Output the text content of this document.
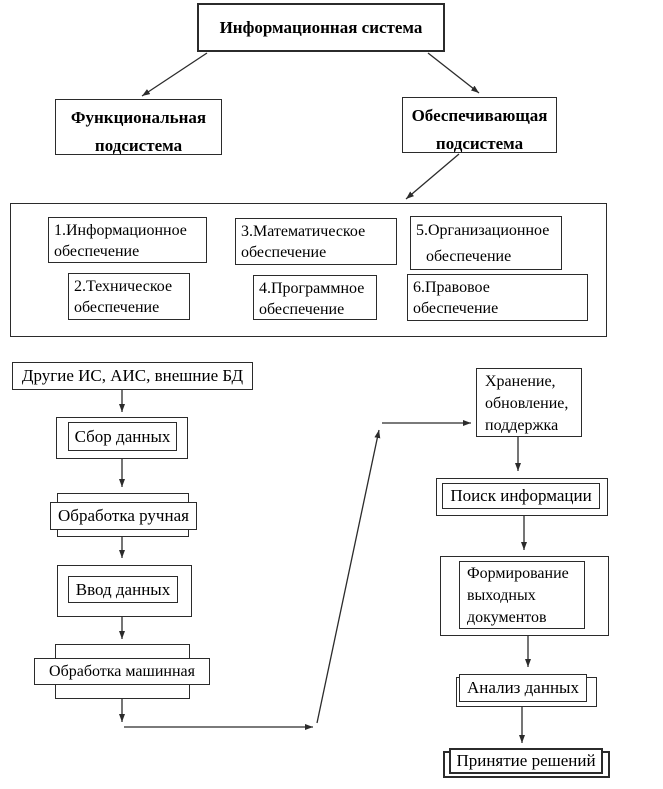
Информационная система
Функциональная
подсистема
Обеспечивающая
подсистема
1.Информационное
обеспечение
2.Техническое
обеспечение
3.Математическое
обеспечение
4.Программное
обеспечение
5.Организационное
обеспечение
6.Правовое
обеспечение
Другие ИС, АИС, внешние БД
Сбор данных
Обработка ручная
Ввод данных
Обработка машинная
Хранение,
обновление,
поддержка
Поиск информации
Формирование
выходных
документов
Анализ данных
Принятие решений
